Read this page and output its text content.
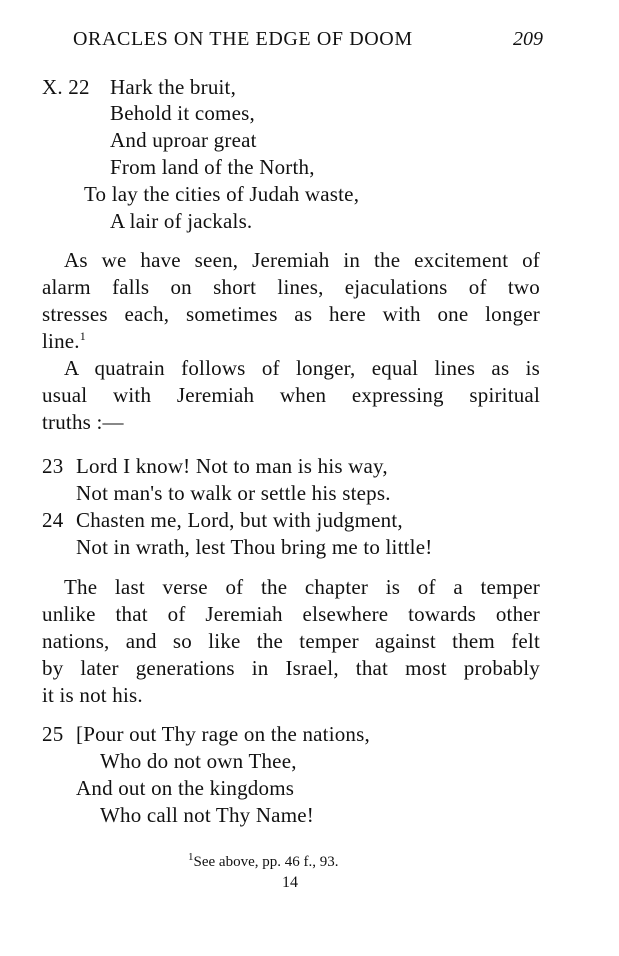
ORACLES ON THE EDGE OF DOOM	209
X. 22 Hark the bruit,
Behold it comes,
And uproar great
From land of the North,
To lay the cities of Judah waste,
A lair of jackals.
As we have seen, Jeremiah in the excitement of
alarm falls on short lines, ejaculations of two
stresses each, sometimes as here with one longer
line.$^1$
A quatrain follows of longer, equal lines as is
usual with Jeremiah when expressing spiritual
truths :—
23 Lord I know! Not to man is his way,
Not man's to walk or settle his steps.
24 Chasten me, Lord, but with judgment,
Not in wrath, lest Thou bring me to little!
The last verse of the chapter is of a temper
unlike that of Jeremiah elsewhere towards other
nations, and so like the temper against them felt
by later generations in Israel, that most probably
it is not his.
25 [Pour out Thy rage on the nations,
Who do not own Thee,
And out on the kingdoms
Who call not Thy Name!
$^1$See above, pp. 46 f., 93.
14
